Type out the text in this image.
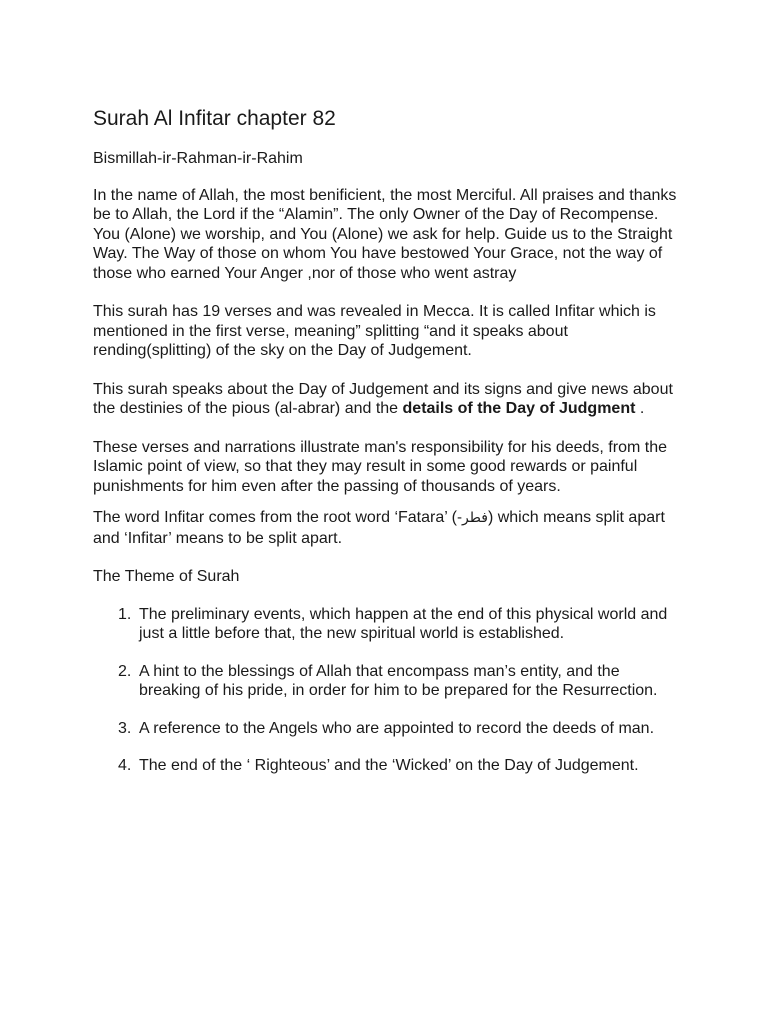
Surah Al Infitar chapter 82

Bismillah-ir-Rahman-ir-Rahim

In the name of Allah, the most benificient, the most Merciful. All praises and thanks be to Allah, the Lord if the “Alamin”. The only Owner of the Day of Recompense. You (Alone) we worship, and You (Alone) we ask for help. Guide us to the Straight Way. The Way of those on whom You have bestowed Your Grace, not the way of those who earned Your Anger ,nor of those who went astray

This surah has 19 verses and was revealed in Mecca. It is called Infitar which is mentioned in the first verse, meaning” splitting “and it speaks about rending(splitting) of the sky on the Day of Judgement.

This surah speaks about the Day of Judgement and its signs and give news about the destinies of the pious (al-abrar) and the details of the Day of Judgment .

These verses and narrations illustrate man's responsibility for his deeds, from the Islamic point of view, so that they may result in some good rewards or painful punishments for him even after the passing of thousands of years.

The word Infitar comes from the root word ‘Fatara’ (فطر-) which means split apart and ‘Infitar’ means to be split apart.

The Theme of Surah

1. The preliminary events, which happen at the end of this physical world and just a little before that, the new spiritual world is established.
2. A hint to the blessings of Allah that encompass man’s entity, and the breaking of his pride, in order for him to be prepared for the Resurrection.
3. A reference to the Angels who are appointed to record the deeds of man.
4. The end of the ‘ Righteous’ and the ‘Wicked’ on the Day of Judgement.
